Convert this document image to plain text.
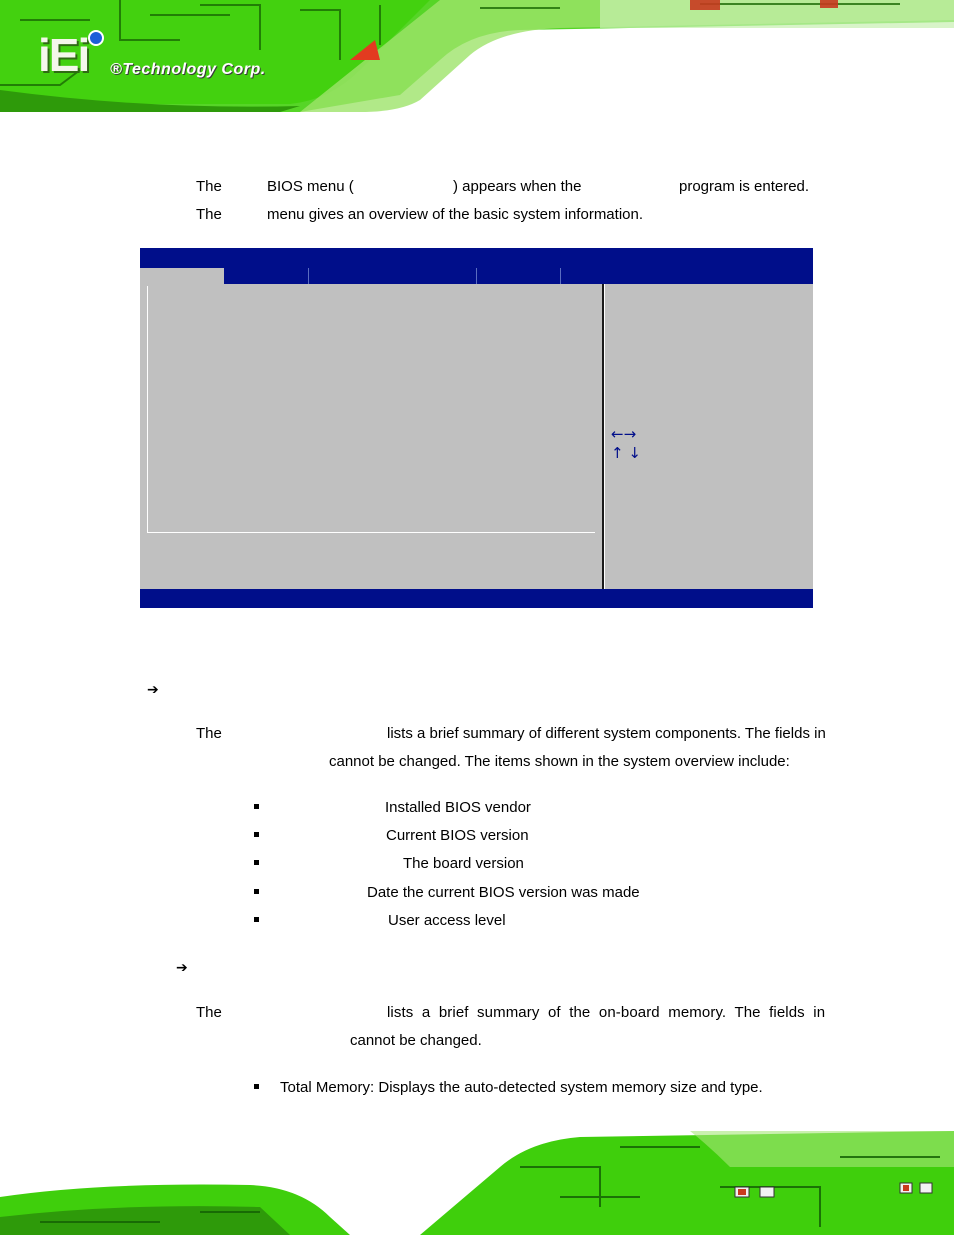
iEi ®Technology Corp.
The	BIOS menu (	) appears when the	program is entered.
The	menu gives an overview of the basic system information.
←→
↑ ↓
➔
The	lists a brief summary of different system components. The fields in
cannot be changed. The items shown in the system overview include:
Installed BIOS vendor
Current BIOS version
The board version
Date the current BIOS version was made
User access level
➔
The	lists  a  brief  summary  of  the  on-board  memory.  The  fields  in
cannot be changed.
Total Memory: Displays the auto-detected system memory size and type.
